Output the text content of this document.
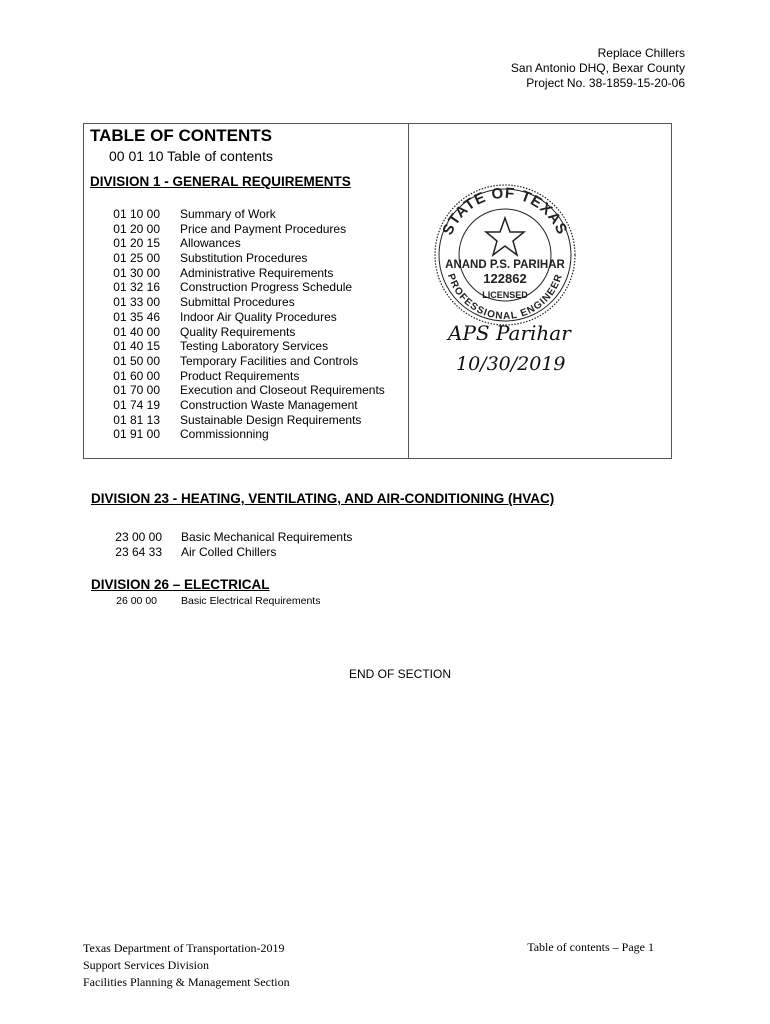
Replace Chillers
San Antonio DHQ, Bexar County
Project No. 38-1859-15-20-06
TABLE OF CONTENTS
00 01 10 Table of contents
DIVISION 1 - GENERAL REQUIREMENTS
01 10 00 Summary of Work
01 20 00 Price and Payment Procedures
01 20 15 Allowances
01 25 00 Substitution Procedures
01 30 00 Administrative Requirements
01 32 16 Construction Progress Schedule
01 33 00 Submittal Procedures
01 35 46 Indoor Air Quality Procedures
01 40 00 Quality Requirements
01 40 15 Testing Laboratory Services
01 50 00 Temporary Facilities and Controls
01 60 00 Product Requirements
01 70 00 Execution and Closeout Requirements
01 74 19 Construction Waste Management
01 81 13 Sustainable Design Requirements
01 91 00 Commissionning
STATE OF TEXAS
ANAND P.S. PARIHAR
122862
LICENSED
PROFESSIONAL ENGINEER
APS Parihar
10/30/2019
DIVISION 23 - HEATING, VENTILATING, AND AIR-CONDITIONING (HVAC)
23 00 00 Basic Mechanical Requirements
23 64 33 Air Colled Chillers
DIVISION 26 – ELECTRICAL
26 00 00 Basic Electrical Requirements
END OF SECTION
Texas Department of Transportation-2019
Support Services Division
Facilities Planning & Management Section
Table of contents – Page 1
